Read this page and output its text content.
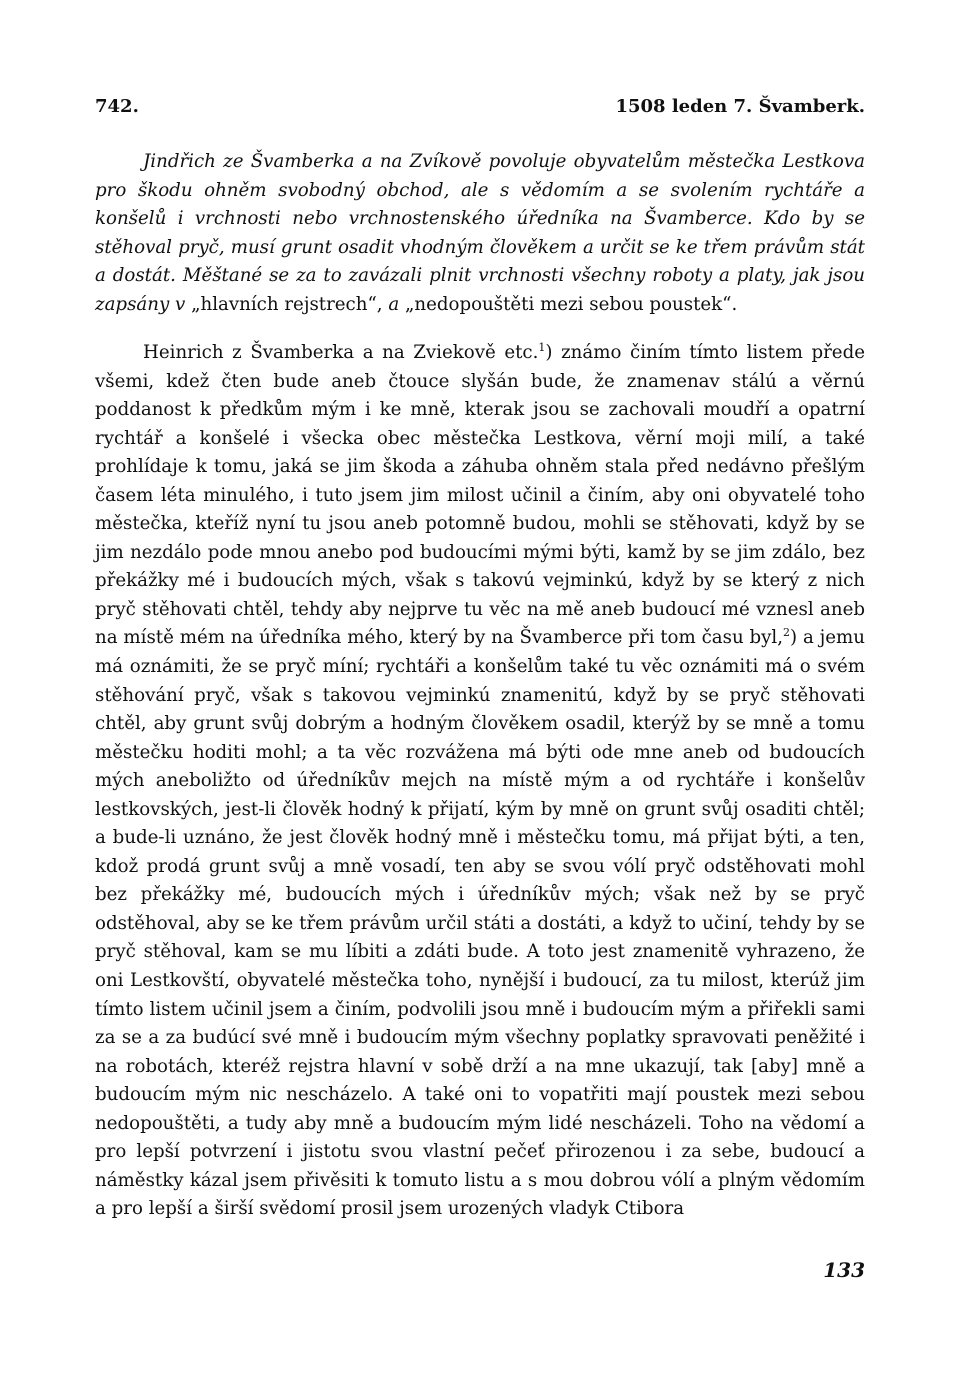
742.	1508 leden 7. Švamberk.
Jindřich ze Švamberka a na Zvíkově povoluje obyvatelům městečka Lestkova pro škodu ohněm svobodný obchod, ale s vědomím a se svolením rychtáře a konšelů i vrchnosti nebo vrchnostenského úředníka na Švamberce. Kdo by se stěhoval pryč, musí grunt osadit vhodným člověkem a určit se ke třem právům stát a dostát. Měštané se za to zavázali plnit vrchnosti všechny roboty a platy, jak jsou zapsány v „hlavních rejstrech“, a „nedopouštěti mezi sebou poustek“.
Heinrich z Švamberka a na Zviekově etc.$^1$) známo činím tímto listem přede všemi, kdež čten bude aneb čtouce slyšán bude, že znamenav stálú a věrnú poddanost k předkům mým i ke mně, kterak jsou se zachovali moudří a opatrní rychtář a konšelé i všecka obec městečka Lestkova, věrní moji milí, a také prohlídaje k tomu, jaká se jim škoda a záhuba ohněm stala před nedávno přešlým časem léta minulého, i tuto jsem jim milost učinil a činím, aby oni obyvatelé toho městečka, kteříž nyní tu jsou aneb potomně budou, mohli se stěhovati, když by se jim nezdálo pode mnou anebo pod budoucími mými býti, kamž by se jim zdálo, bez překážky mé i budoucích mých, však s takovú vejminkú, když by se který z nich pryč stěhovati chtěl, tehdy aby nejprve tu věc na mě aneb budoucí mé vznesl aneb na místě mém na úředníka mého, který by na Švamberce při tom času byl,$^2$) a jemu má oznámiti, že se pryč míní; rychtáři a konšelům také tu věc oznámiti má o svém stěhování pryč, však s takovou vejminkú znamenitú, když by se pryč stěhovati chtěl, aby grunt svůj dobrým a hodným člověkem osadil, kterýž by se mně a tomu městečku hoditi mohl; a ta věc rozvážena má býti ode mne aneb od budoucích mých aneboližto od úředníkův mejch na místě mým a od rychtáře i konšelův lestkovských, jest-li člověk hodný k přijatí, kým by mně on grunt svůj osaditi chtěl; a bude-li uznáno, že jest člověk hodný mně i městečku tomu, má přijat býti, a ten, kdož prodá grunt svůj a mně vosadí, ten aby se svou vólí pryč odstěhovati mohl bez překážky mé, budoucích mých i úředníkův mých; však než by se pryč odstěhoval, aby se ke třem právům určil státi a dostáti, a když to učiní, tehdy by se pryč stěhoval, kam se mu líbiti a zdáti bude. A toto jest znamenitě vyhrazeno, že oni Lestkovští, obyvatelé městečka toho, nynější i budoucí, za tu milost, kterúž jim tímto listem učinil jsem a činím, podvolili jsou mně i budoucím mým a přiřekli sami za se a za budúcí své mně i budoucím mým všechny poplatky spravovati peněžité i na robotách, kteréž rejstra hlavní v sobě drží a na mne ukazují, tak [aby] mně a budoucím mým nic nescházelo. A také oni to vopatřiti mají poustek mezi sebou nedopouštěti, a tudy aby mně a budoucím mým lidé nescházeli. Toho na vědomí a pro lepší potvrzení i jistotu svou vlastní pečeť přirozenou i za sebe, budoucí a náměstky kázal jsem přivěsiti k tomuto listu a s mou dobrou vólí a plným vědomím a pro lepší a širší svědomí prosil jsem urozených vladyk Ctibora
133
